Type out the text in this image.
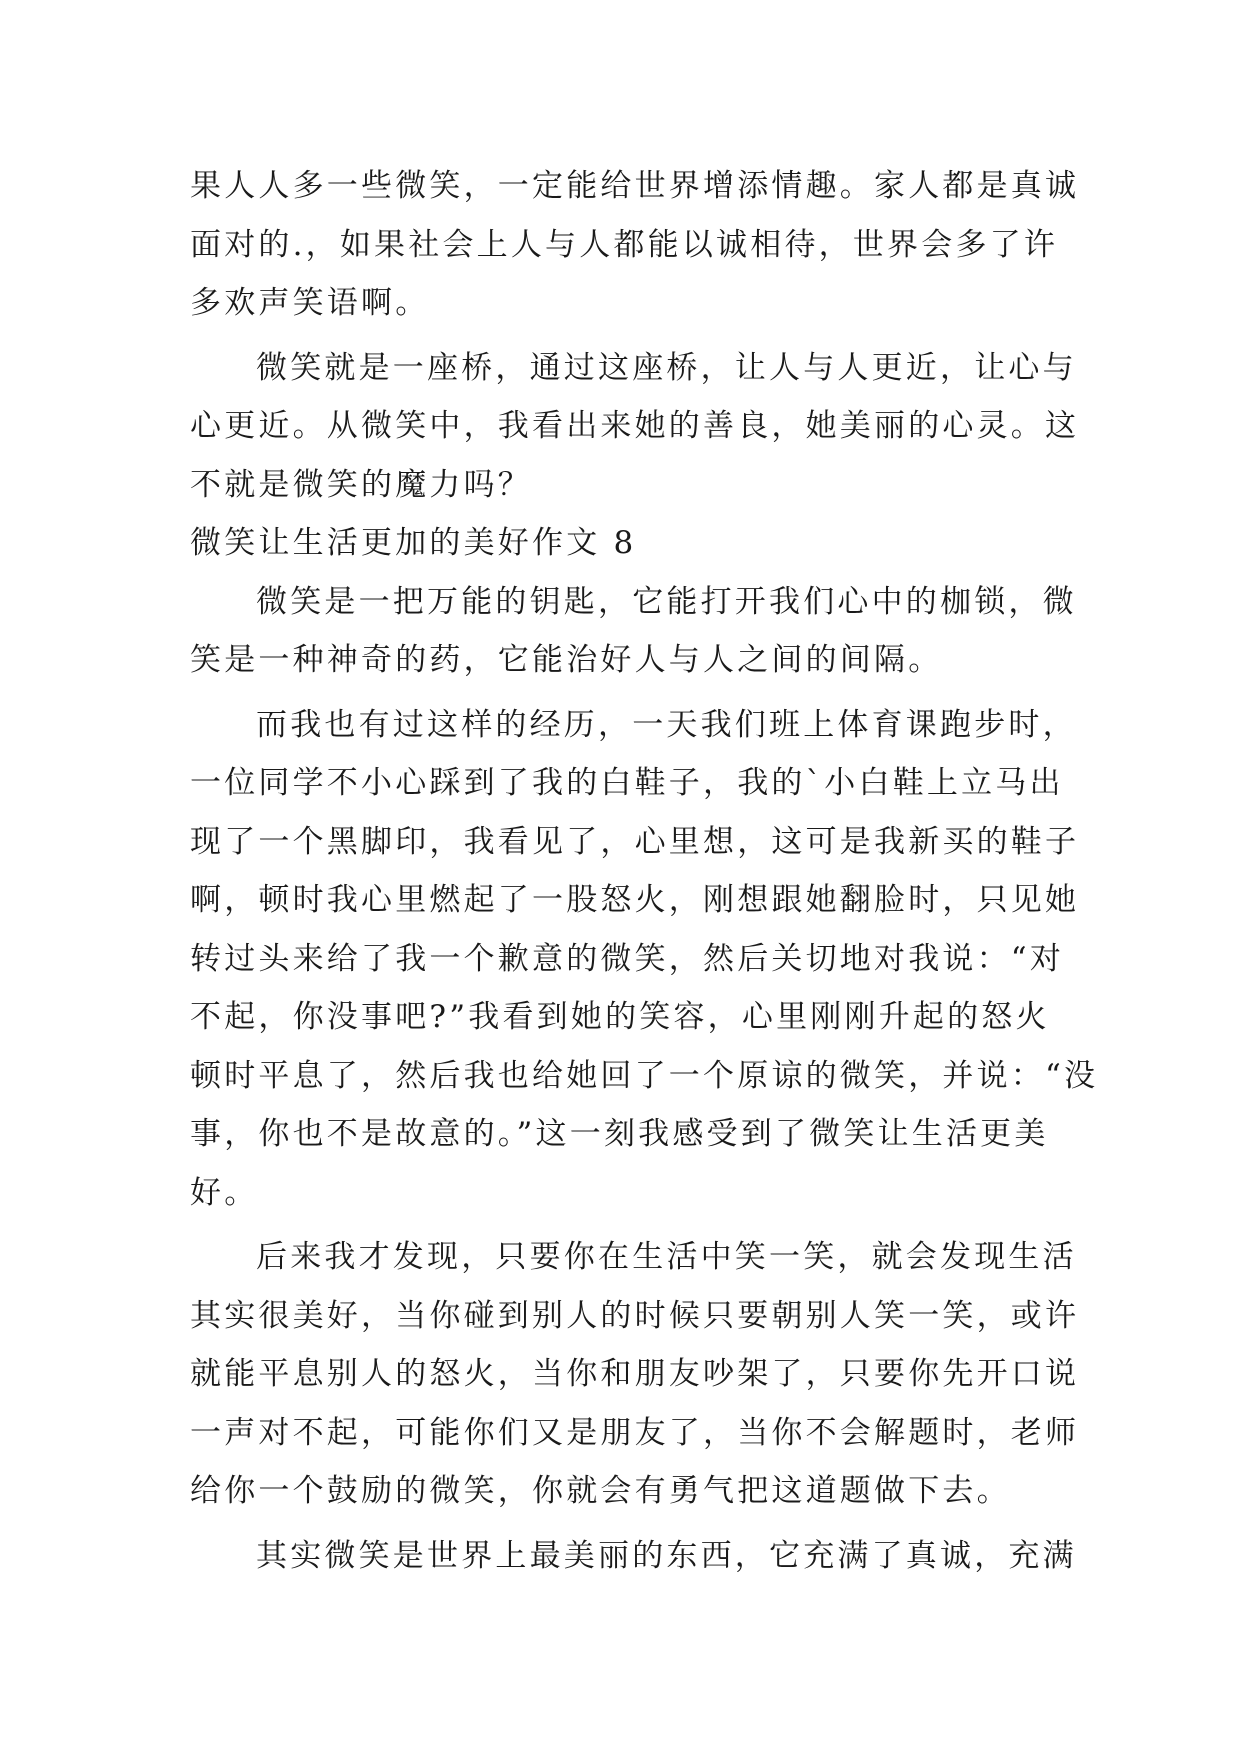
果人人多一些微笑，一定能给世界增添情趣。家人都是真诚
面对的.，如果社会上人与人都能以诚相待，世界会多了许
多欢声笑语啊。
微笑就是一座桥，通过这座桥，让人与人更近，让心与
心更近。从微笑中，我看出来她的善良，她美丽的心灵。这
不就是微笑的魔力吗？
微笑让生活更加的美好作文 8
微笑是一把万能的钥匙，它能打开我们心中的枷锁，微
笑是一种神奇的药，它能治好人与人之间的间隔。
而我也有过这样的经历，一天我们班上体育课跑步时，
一位同学不小心踩到了我的白鞋子，我的`小白鞋上立马出
现了一个黑脚印，我看见了，心里想，这可是我新买的鞋子
啊，顿时我心里燃起了一股怒火，刚想跟她翻脸时，只见她
转过头来给了我一个歉意的微笑，然后关切地对我说：“对
不起，你没事吧?”我看到她的笑容，心里刚刚升起的怒火
顿时平息了，然后我也给她回了一个原谅的微笑，并说：“没
事，你也不是故意的。”这一刻我感受到了微笑让生活更美
好。
后来我才发现，只要你在生活中笑一笑，就会发现生活
其实很美好，当你碰到别人的时候只要朝别人笑一笑，或许
就能平息别人的怒火，当你和朋友吵架了，只要你先开口说
一声对不起，可能你们又是朋友了，当你不会解题时，老师
给你一个鼓励的微笑，你就会有勇气把这道题做下去。
其实微笑是世界上最美丽的东西，它充满了真诚，充满
